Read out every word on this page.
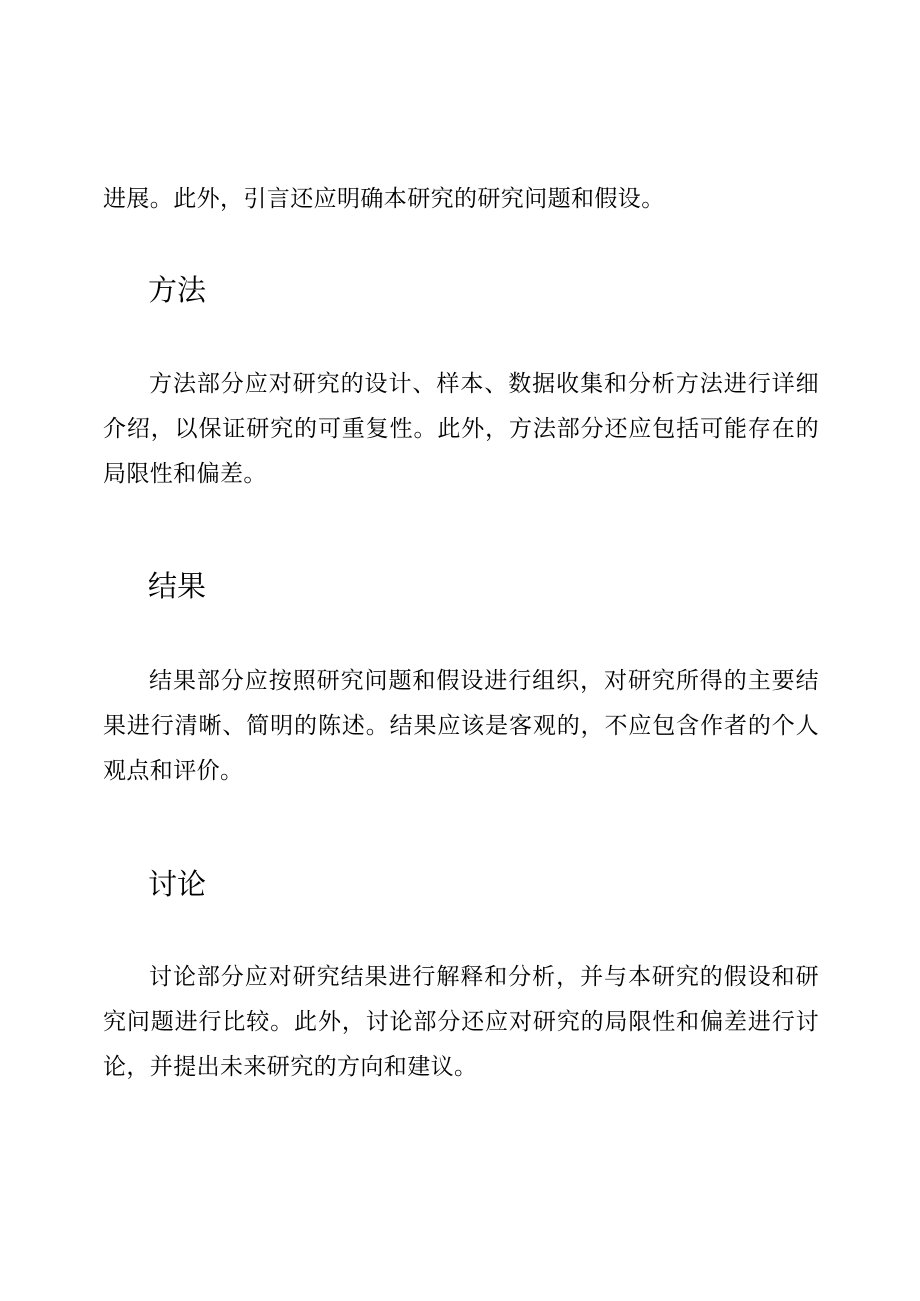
进展。此外，引言还应明确本研究的研究问题和假设。

方法

方法部分应对研究的设计、样本、数据收集和分析方法进行详细介绍，以保证研究的可重复性。此外，方法部分还应包括可能存在的局限性和偏差。

结果

结果部分应按照研究问题和假设进行组织，对研究所得的主要结果进行清晰、简明的陈述。结果应该是客观的，不应包含作者的个人观点和评价。

讨论

讨论部分应对研究结果进行解释和分析，并与本研究的假设和研究问题进行比较。此外，讨论部分还应对研究的局限性和偏差进行讨论，并提出未来研究的方向和建议。
